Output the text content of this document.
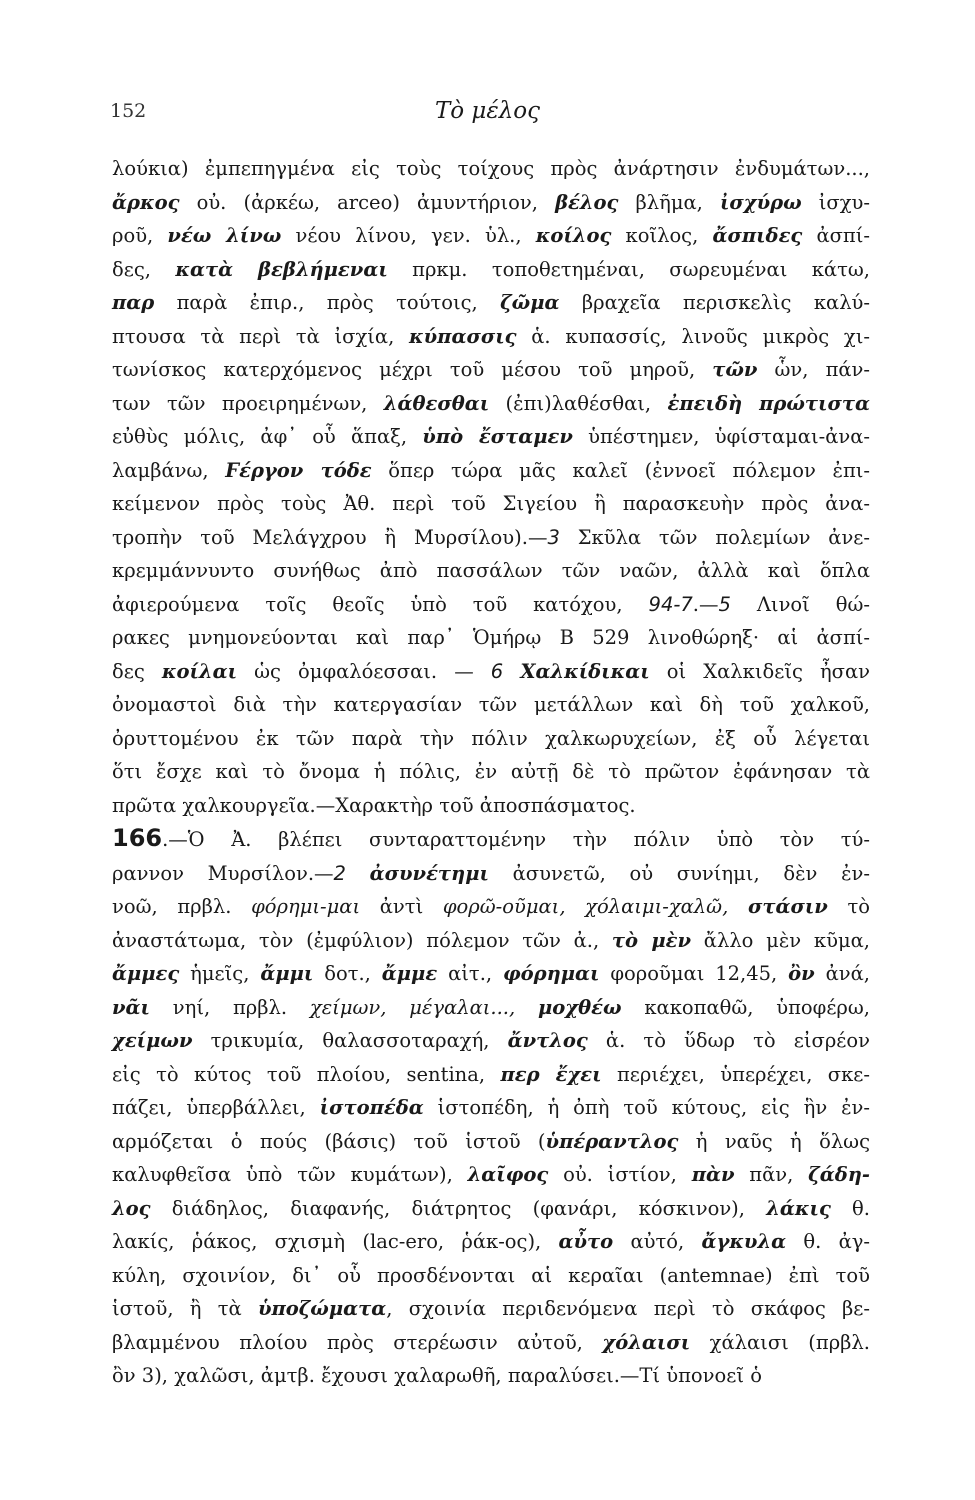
152	Τὸ μέλος
λούκια) ἐμπεπηγμένα εἰς τοὺς τοίχους πρὸς ἀνάρτησιν ἐνδυμάτων...,
ἄρκος οὐ. (ἀρκέω, arceo) ἀμυντήριον, βέλος βλῆμα, ἰσχύρω ἰσχυ-
ροῦ, νέω λίνω νέου λίνου, γεν. ὑλ., κοίλος κοῖλος, ἄσπιδες ἀσπί-
δες, κατὰ βεβλήμεναι πρκμ. τοποθετημέναι, σωρευμέναι κάτω,
παρ παρὰ ἐπιρ., πρὸς τούτοις, ζῶμα βραχεῖα περισκελὶς καλύ-
πτουσα τὰ περὶ τὰ ἰσχία, κύπασσις ἁ. κυπασσίς, λινοῦς μικρὸς χι-
τωνίσκος κατερχόμενος μέχρι τοῦ μέσου τοῦ μηροῦ, τῶν ὧν, πάν-
των τῶν προειρημένων, λάθεσθαι (ἐπι)λαθέσθαι, ἐπειδὴ πρώτιστα
εὐθὺς μόλις, ἀφ᾽ οὗ ἅπαξ, ὑπὸ ἔσταμεν ὑπέστημεν, ὑφίσταμαι-ἀνα-
λαμβάνω, Ϝέργον τόδε ὅπερ τώρα μᾶς καλεῖ (ἐννοεῖ πόλεμον ἐπι-
κείμενον πρὸς τοὺς Ἀθ. περὶ τοῦ Σιγείου ἢ παρασκευὴν πρὸς ἀνα-
τροπὴν τοῦ Μελάγχρου ἢ Μυρσίλου).—3 Σκῦλα τῶν πολεμίων ἀνε-
κρεμμάννυντο συνήθως ἀπὸ πασσάλων τῶν ναῶν, ἀλλὰ καὶ ὅπλα
ἀφιερούμενα τοῖς θεοῖς ὑπὸ τοῦ κατόχου, 94-7.—5 Λινοῖ θώ-
ρακες μνημονεύονται καὶ παρ᾽ Ὁμήρῳ Β 529 λινοθώρηξ· αἱ ἀσπί-
δες κοίλαι ὡς ὀμφαλόεσσαι. — 6 Χαλκίδικαι οἱ Χαλκιδεῖς ἦσαν
ὀνομαστοὶ διὰ τὴν κατεργασίαν τῶν μετάλλων καὶ δὴ τοῦ χαλκοῦ,
ὀρυττομένου ἐκ τῶν παρὰ τὴν πόλιν χαλκωρυχείων, ἐξ οὗ λέγεται
ὅτι ἔσχε καὶ τὸ ὄνομα ἡ πόλις, ἐν αὐτῇ δὲ τὸ πρῶτον ἐφάνησαν τὰ
πρῶτα χαλκουργεῖα.—Χαρακτὴρ τοῦ ἀποσπάσματος.
166.—Ὁ Ἀ. βλέπει συνταραττομένην τὴν πόλιν ὑπὸ τὸν τύ-
ραννον Μυρσίλον.—2 ἀσυνέτημι ἀσυνετῶ, οὐ συνίημι, δὲν ἐν-
νοῶ, πρβλ. φόρημι-μαι ἀντὶ φορῶ-οῦμαι, χόλαιμι-χαλῶ, στάσιν τὸ
ἀναστάτωμα, τὸν (ἐμφύλιον) πόλεμον τῶν ἀ., τὸ μὲν ἄλλο μὲν κῦμα,
ἄμμες ἡμεῖς, ἄμμι δοτ., ἄμμε αἰτ., φόρημαι φοροῦμαι 12,45, ὂν ἀνά,
νᾶι νηί, πρβλ. χείμων, μέγαλαι..., μοχθέω κακοπαθῶ, ὑποφέρω,
χείμων τρικυμία, θαλασσοταραχή, ἄντλος ἁ. τὸ ὕδωρ τὸ εἰσρέον
εἰς τὸ κύτος τοῦ πλοίου, sentina, περ ἔχει περιέχει, ὑπερέχει, σκε-
πάζει, ὑπερβάλλει, ἰστοπέδα ἱστοπέδη, ἡ ὀπὴ τοῦ κύτους, εἰς ἣν ἐν-
αρμόζεται ὁ πούς (βάσις) τοῦ ἱστοῦ (ὑπέραντλος ἡ ναῦς ἡ ὅλως
καλυφθεῖσα ὑπὸ τῶν κυμάτων), λαῖφος οὐ. ἱστίον, πὰν πᾶν, ζάδη-
λος διάδηλος, διαφανής, διάτρητος (φανάρι, κόσκινον), λάκις θ.
λακίς, ῥάκος, σχισμὴ (lac-ero, ῥάκ-ος), αὖτο αὐτό, ἄγκυλα θ. ἀγ-
κύλη, σχοινίον, δι᾽ οὗ προσδένονται αἱ κεραῖαι (antemnae) ἐπὶ τοῦ
ἱστοῦ, ἢ τὰ ὑποζώματα, σχοινία περιδενόμενα περὶ τὸ σκάφος βε-
βλαμμένου πλοίου πρὸς στερέωσιν αὐτοῦ, χόλαισι χάλαισι (πρβλ.
ὂν 3), χαλῶσι, ἀμτβ. ἔχουσι χαλαρωθῆ, παραλύσει.—Τί ὑπονοεῖ ὁ
